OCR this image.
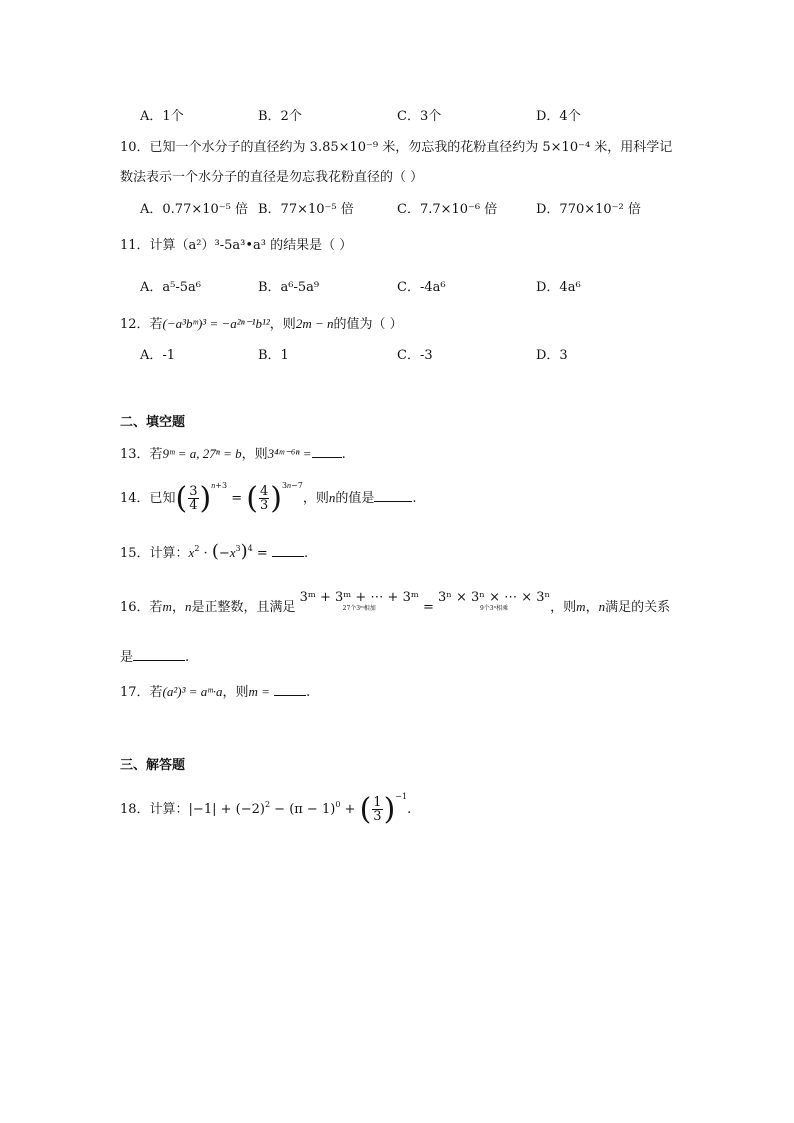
A．1个	B．2个	C．3个	D．4个
10．已知一个水分子的直径约为 3.85×10⁻⁹ 米，勿忘我的花粉直径约为 5×10⁻⁴ 米，用科学记
数法表示一个水分子的直径是勿忘我花粉直径的（ ）
A．0.77×10⁻⁵ 倍 B．77×10⁻⁵ 倍	C．7.7×10⁻⁶ 倍	D．770×10⁻² 倍
11．计算（a²）³-5a³•a³ 的结果是（ ）
A．a⁵-5a⁶	B．a⁶-5a⁹	C．-4a⁶	D．4a⁶
12．若(−a³bᵐ)³ = −a²ⁿ⁻¹b¹²，则2m − n的值为（ ）
A．-1	B．1	C．-3	D．3
二、填空题
13．若9ᵐ = a, 27ⁿ = b，则3⁴ᵐ⁻⁶ⁿ = .
14．已知( $\frac{3}{4} )^{n+3}$ = ( $\frac{4}{3} )^{3n-7}$，则n的值是	.
15．计算：$x^2 \cdot (-x^3)^4$ = .
16．若m，n是正整数，且满足
3ᵐ + 3ᵐ + ⋯ + 3ᵐ
27个3ᵐ相加	=
3ⁿ × 3ⁿ × ⋯ × 3ⁿ
9个3ⁿ相乘	，则m，n满足的关系
是	.
17．若(a²)³ = aᵐ·a，则m =	.
三、解答题
18．计算：$|-1| + (-2)^2 - (\pi - 1)^0$ + ( $\frac{1}{3} )^{-1}$.
